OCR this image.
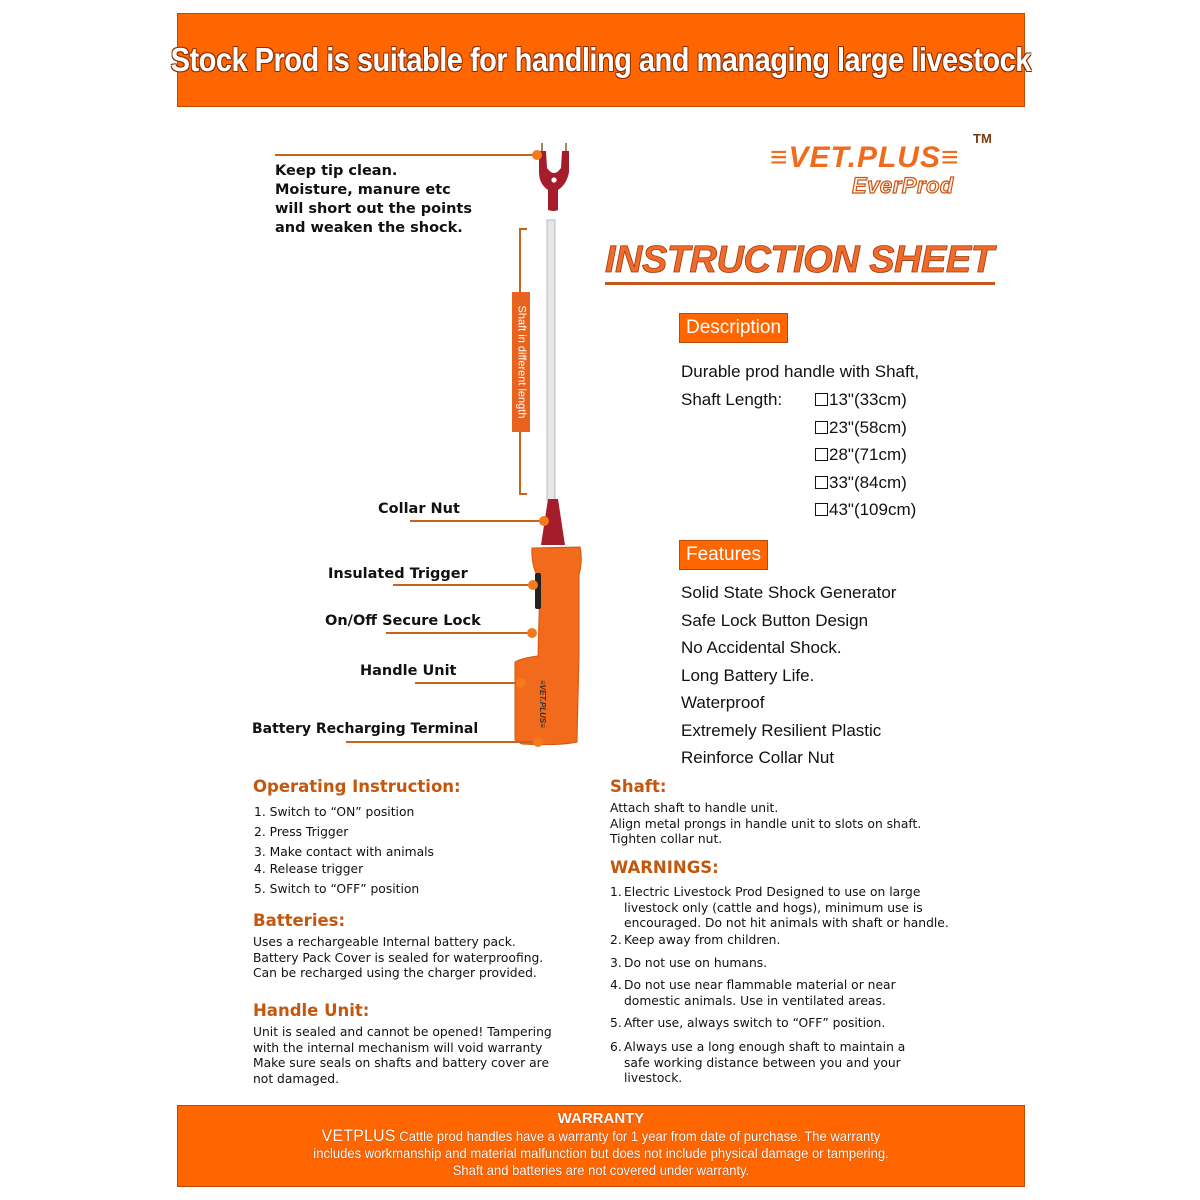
Stock Prod is suitable for handling and managing large livestock
≡VET.PLUS≡
TM
EverProd
INSTRUCTION SHEET
Description
Durable prod handle with Shaft,
Shaft Length:	13"(33cm)
23"(58cm)
28"(71cm)
33"(84cm)
43"(109cm)
Features
Solid State Shock Generator
Safe Lock Button Design
No Accidental Shock.
Long Battery Life.
Waterproof
Extremely Resilient Plastic
Reinforce Collar Nut
≡VET.PLUS≡
Shaft in different length
Keep tip clean.
Moisture, manure etc
will short out the points
and weaken the shock.
Collar Nut
Insulated Trigger
On/Off Secure Lock
Handle Unit
Battery Recharging Terminal
Operating Instruction:
1. Switch to “ON” position
2. Press Trigger
3. Make contact with animals
4. Release trigger
5. Switch to “OFF” position
Batteries:
Uses a rechargeable Internal battery pack.
Battery Pack Cover is sealed for waterproofing.
Can be recharged using the charger provided.
Handle Unit:
Unit is sealed and cannot be opened! Tampering
with the internal mechanism will void warranty
Make sure seals on shafts and battery cover are
not damaged.
Shaft:
Attach shaft to handle unit.
Align metal prongs in handle unit to slots on shaft.
Tighten collar nut.
WARNINGS:
1. Electric Livestock Prod Designed to use on large
livestock only (cattle and hogs), minimum use is
encouraged. Do not hit animals with shaft or handle.
2. Keep away from children.
3. Do not use on humans.
4. Do not use near flammable material or near
domestic animals. Use in ventilated areas.
5. After use, always switch to “OFF” position.
6. Always use a long enough shaft to maintain a
safe working distance between you and your
livestock.
WARRANTY
VETPLUS Cattle prod handles have a warranty for 1 year from date of purchase. The warranty
includes workmanship and material malfunction but does not include physical damage or tampering.
Shaft and batteries are not covered under warranty.
